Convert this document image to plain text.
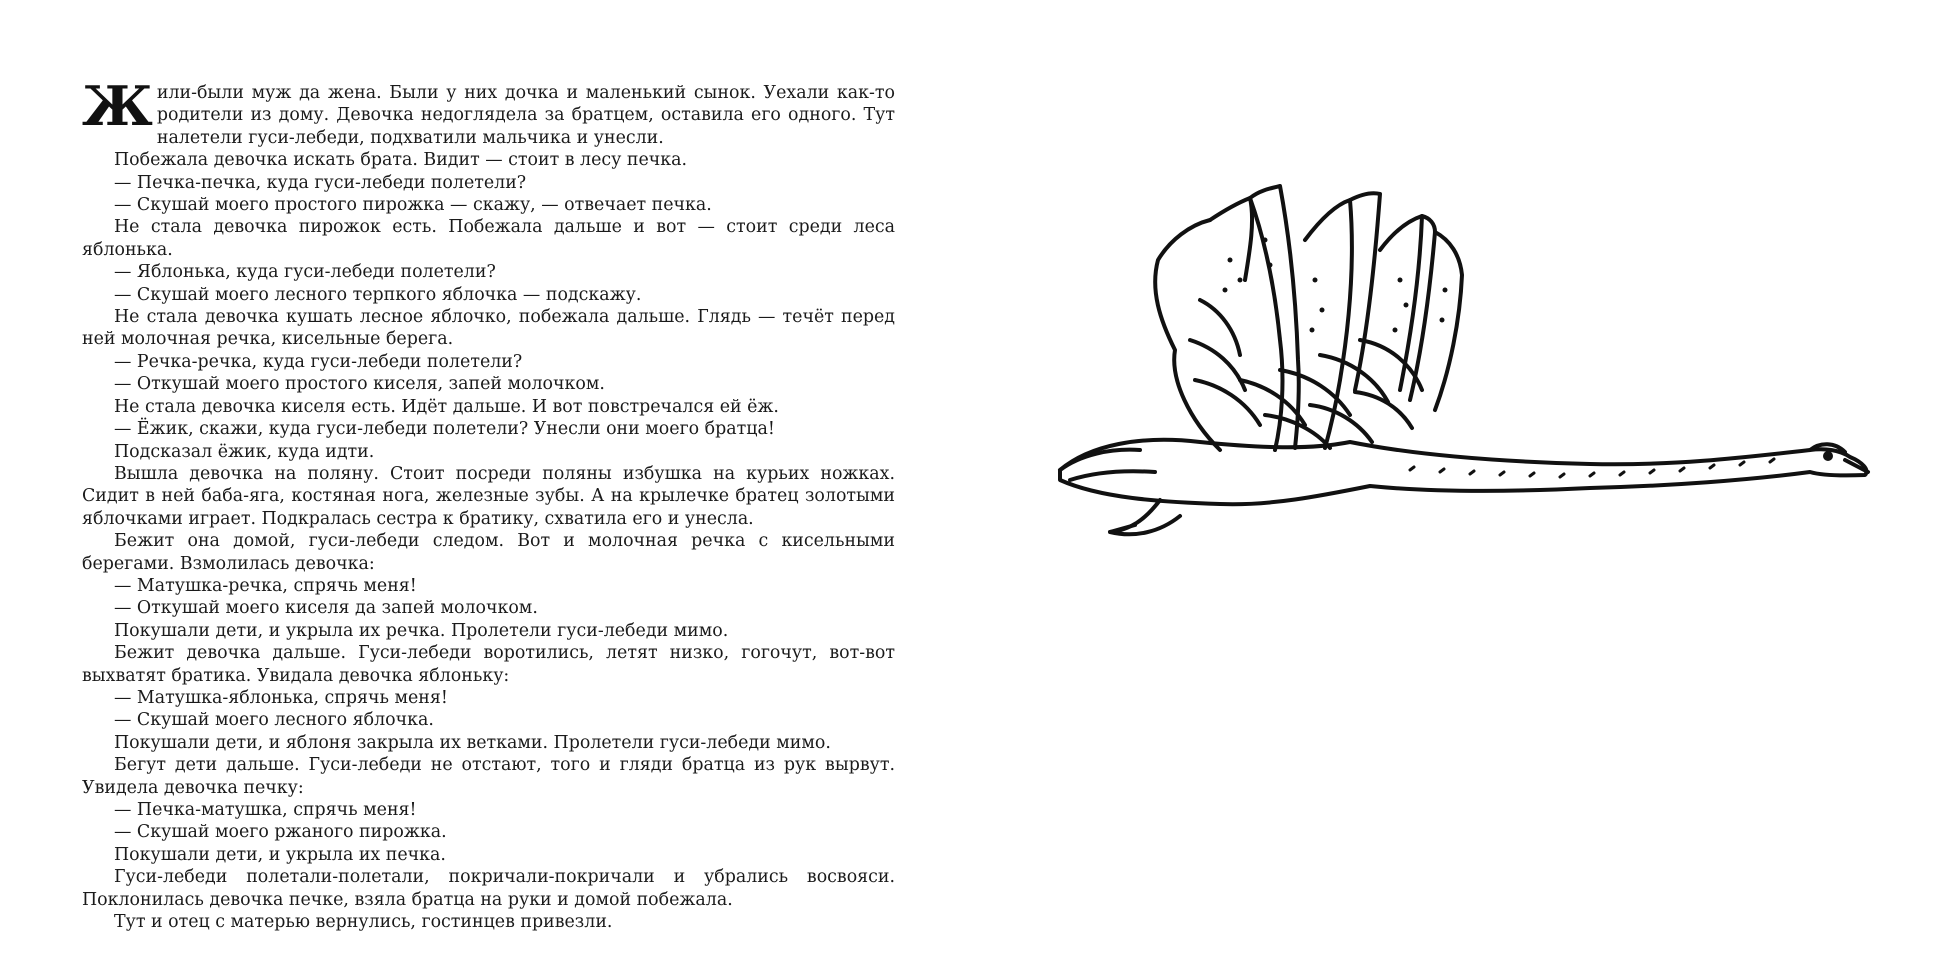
Жили-были муж да жена. Были у них дочка и маленький сынок. Уехали как-то родители из дому. Девочка недоглядела за братцем, оставила его одного. Тут налетели гуси-лебеди, подхватили мальчика и унесли.

Побежала девочка искать брата. Видит — стоит в лесу печка.

— Печка-печка, куда гуси-лебеди полетели?

— Скушай моего простого пирожка — скажу, — отвечает печка.

Не стала девочка пирожок есть. Побежала дальше и вот — стоит среди леса яблонька.

— Яблонька, куда гуси-лебеди полетели?

— Скушай моего лесного терпкого яблочка — подскажу.

Не стала девочка кушать лесное яблочко, побежала дальше. Глядь — течёт перед ней молочная речка, кисельные берега.

— Речка-речка, куда гуси-лебеди полетели?

— Откушай моего простого киселя, запей молочком.

Не стала девочка киселя есть. Идёт дальше. И вот повстречался ей ёж.

— Ёжик, скажи, куда гуси-лебеди полетели? Унесли они моего братца!

Подсказал ёжик, куда идти.

Вышла девочка на поляну. Стоит посреди поляны избушка на курьих ножках. Сидит в ней баба-яга, костяная нога, железные зубы. А на крылечке братец золотыми яблочками играет. Подкралась сестра к братику, схватила его и унесла.

Бежит она домой, гуси-лебеди следом. Вот и молочная речка с кисельными берегами. Взмолилась девочка:

— Матушка-речка, спрячь меня!

— Откушай моего киселя да запей молочком.

Покушали дети, и укрыла их речка. Пролетели гуси-лебеди мимо.

Бежит девочка дальше. Гуси-лебеди воротились, летят низко, гогочут, вот-вот выхватят братика. Увидала девочка яблоньку:

— Матушка-яблонька, спрячь меня!

— Скушай моего лесного яблочка.

Покушали дети, и яблоня закрыла их ветками. Пролетели гуси-лебеди мимо.

Бегут дети дальше. Гуси-лебеди не отстают, того и гляди братца из рук вырвут. Увидела девочка печку:

— Печка-матушка, спрячь меня!

— Скушай моего ржаного пирожка.

Покушали дети, и укрыла их печка.

Гуси-лебеди полетали-полетали, покричали-покричали и убрались восвояси. Поклонилась девочка печке, взяла братца на руки и домой побежала.

Тут и отец с матерью вернулись, гостинцев привезли.
